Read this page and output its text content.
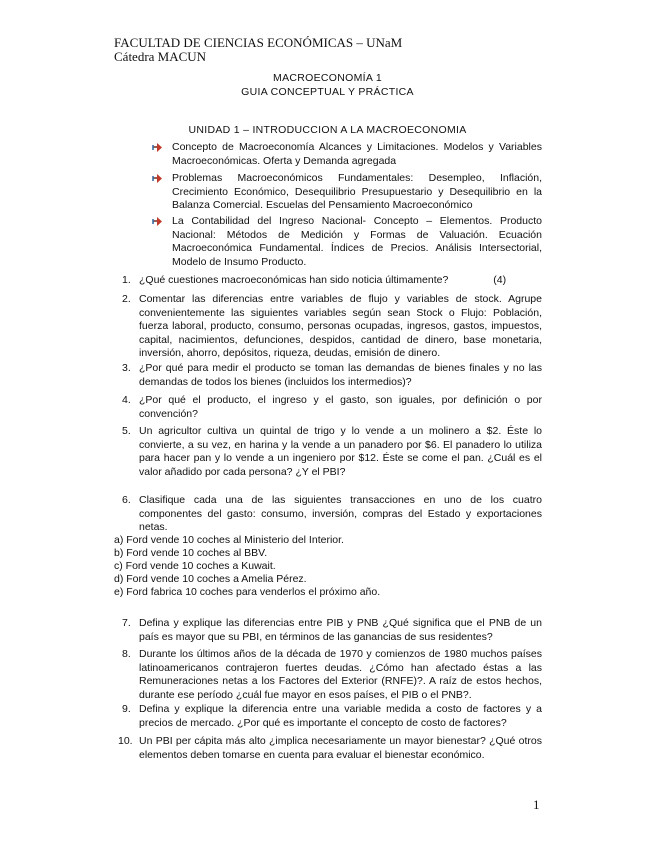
FACULTAD DE CIENCIAS ECONÓMICAS – UNaM
Cátedra MACUN
MACROECONOMÍA 1
GUIA CONCEPTUAL Y PRÁCTICA
UNIDAD 1 – INTRODUCCION A LA MACROECONOMIA
Concepto de Macroeconomía Alcances y Limitaciones. Modelos y Variables Macroeconómicas. Oferta y Demanda agregada
Problemas Macroeconómicos Fundamentales: Desempleo, Inflación, Crecimiento Económico, Desequilibrio Presupuestario y Desequilibrio en la Balanza Comercial. Escuelas del Pensamiento Macroeconómico
La Contabilidad del Ingreso Nacional- Concepto – Elementos. Producto Nacional: Métodos de Medición y Formas de Valuación. Ecuación Macroeconómica Fundamental. Índices de Precios. Análisis Intersectorial, Modelo de Insumo Producto.
1. ¿Qué cuestiones macroeconómicas han sido noticia últimamente?	(4)
2. Comentar las diferencias entre variables de flujo y variables de stock. Agrupe convenientemente las siguientes variables según sean Stock o Flujo: Población, fuerza laboral, producto, consumo, personas ocupadas, ingresos, gastos, impuestos, capital, nacimientos, defunciones, despidos, cantidad de dinero, base monetaria, inversión, ahorro, depósitos, riqueza, deudas, emisión de dinero.
3. ¿Por qué para medir el producto se toman las demandas de bienes finales y no las demandas de todos los bienes (incluidos los intermedios)?
4. ¿Por qué el producto, el ingreso y el gasto, son iguales, por definición o por convención?
5. Un agricultor cultiva un quintal de trigo y lo vende a un molinero a $2. Éste lo convierte, a su vez, en harina y la vende a un panadero por $6. El panadero lo utiliza para hacer pan y lo vende a un ingeniero por $12. Éste se come el pan. ¿Cuál es el valor añadido por cada persona? ¿Y el PBI?
6. Clasifique cada una de las siguientes transacciones en uno de los cuatro componentes del gasto: consumo, inversión, compras del Estado y exportaciones netas.
a) Ford vende 10 coches al Ministerio del Interior.
b) Ford vende 10 coches al BBV.
c) Ford vende 10 coches a Kuwait.
d) Ford vende 10 coches a Amelia Pérez.
e) Ford fabrica 10 coches para venderlos el próximo año.
7. Defina y explique las diferencias entre PIB y PNB ¿Qué significa que el PNB de un país es mayor que su PBI, en términos de las ganancias de sus residentes?
8. Durante los últimos años de la década de 1970 y comienzos de 1980 muchos países latinoamericanos contrajeron fuertes deudas. ¿Cómo han afectado éstas a las Remuneraciones netas a los Factores del Exterior (RNFE)?. A raíz de estos hechos, durante ese período ¿cuál fue mayor en esos países, el PIB o el PNB?.
9. Defina y explique la diferencia entre una variable medida a costo de factores y a precios de mercado. ¿Por qué es importante el concepto de costo de factores?
10. Un PBI per cápita más alto ¿implica necesariamente un mayor bienestar? ¿Qué otros elementos deben tomarse en cuenta para evaluar el bienestar económico.
1
